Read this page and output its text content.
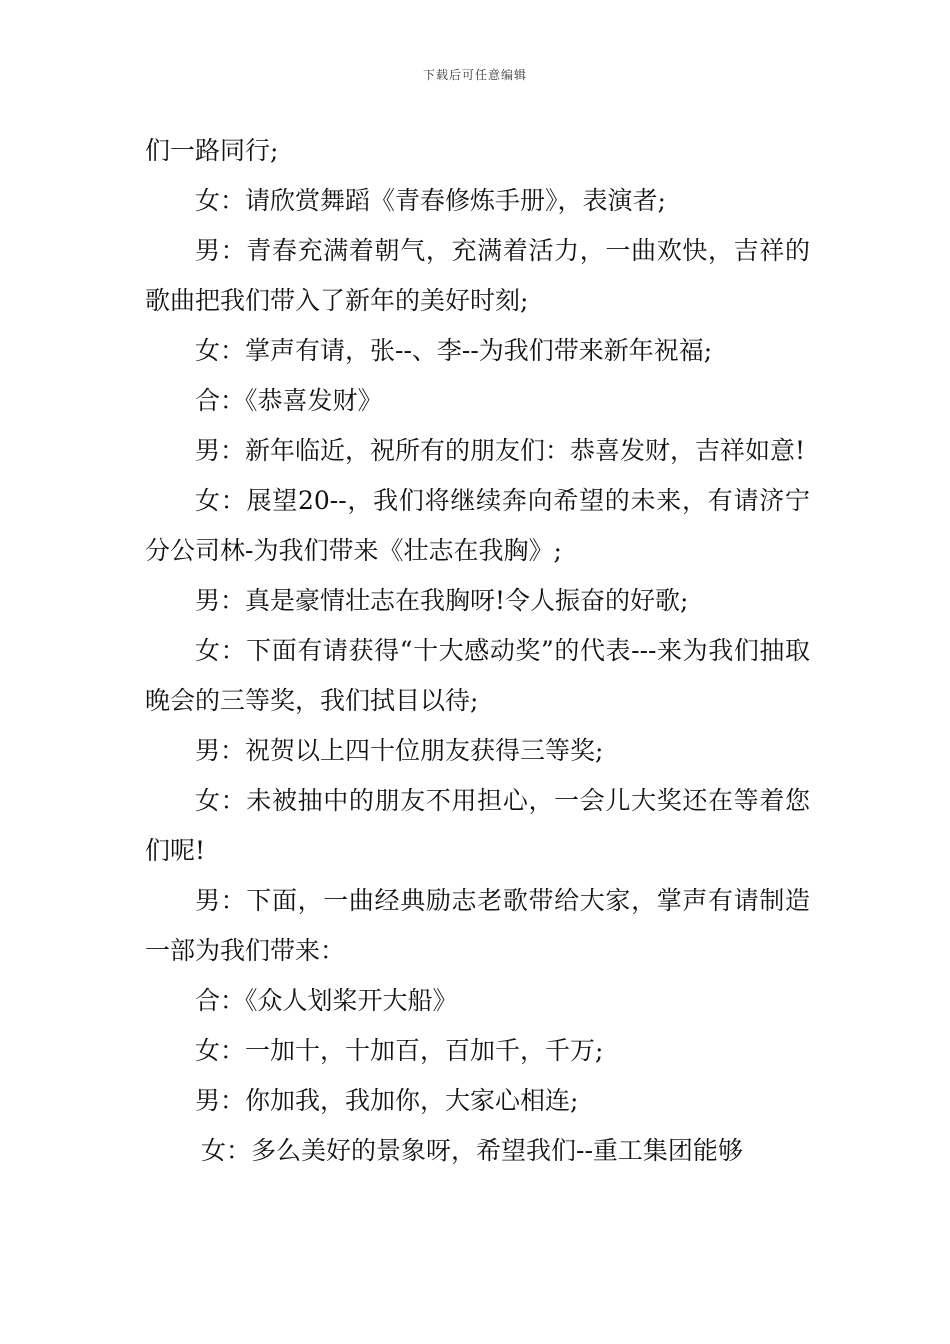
下载后可任意编辑

们一路同行;

女：请欣赏舞蹈《青春修炼手册》，表演者;

男：青春充满着朝气，充满着活力，一曲欢快，吉祥的歌曲把我们带入了新年的美好时刻;

女：掌声有请，张--、李--为我们带来新年祝福;

合：《恭喜发财》

男：新年临近，祝所有的朋友们：恭喜发财，吉祥如意!

女：展望20--，我们将继续奔向希望的未来，有请济宁分公司林-为我们带来《壮志在我胸》;

男：真是豪情壮志在我胸呀!令人振奋的好歌;

女：下面有请获得“十大感动奖”的代表---来为我们抽取晚会的三等奖，我们拭目以待;

男：祝贺以上四十位朋友获得三等奖;

女：未被抽中的朋友不用担心，一会儿大奖还在等着您们呢!

男：下面，一曲经典励志老歌带给大家，掌声有请制造一部为我们带来：

合：《众人划桨开大船》

女：一加十，十加百，百加千，千万;

男：你加我，我加你，大家心相连;

女：多么美好的景象呀，希望我们--重工集团能够
